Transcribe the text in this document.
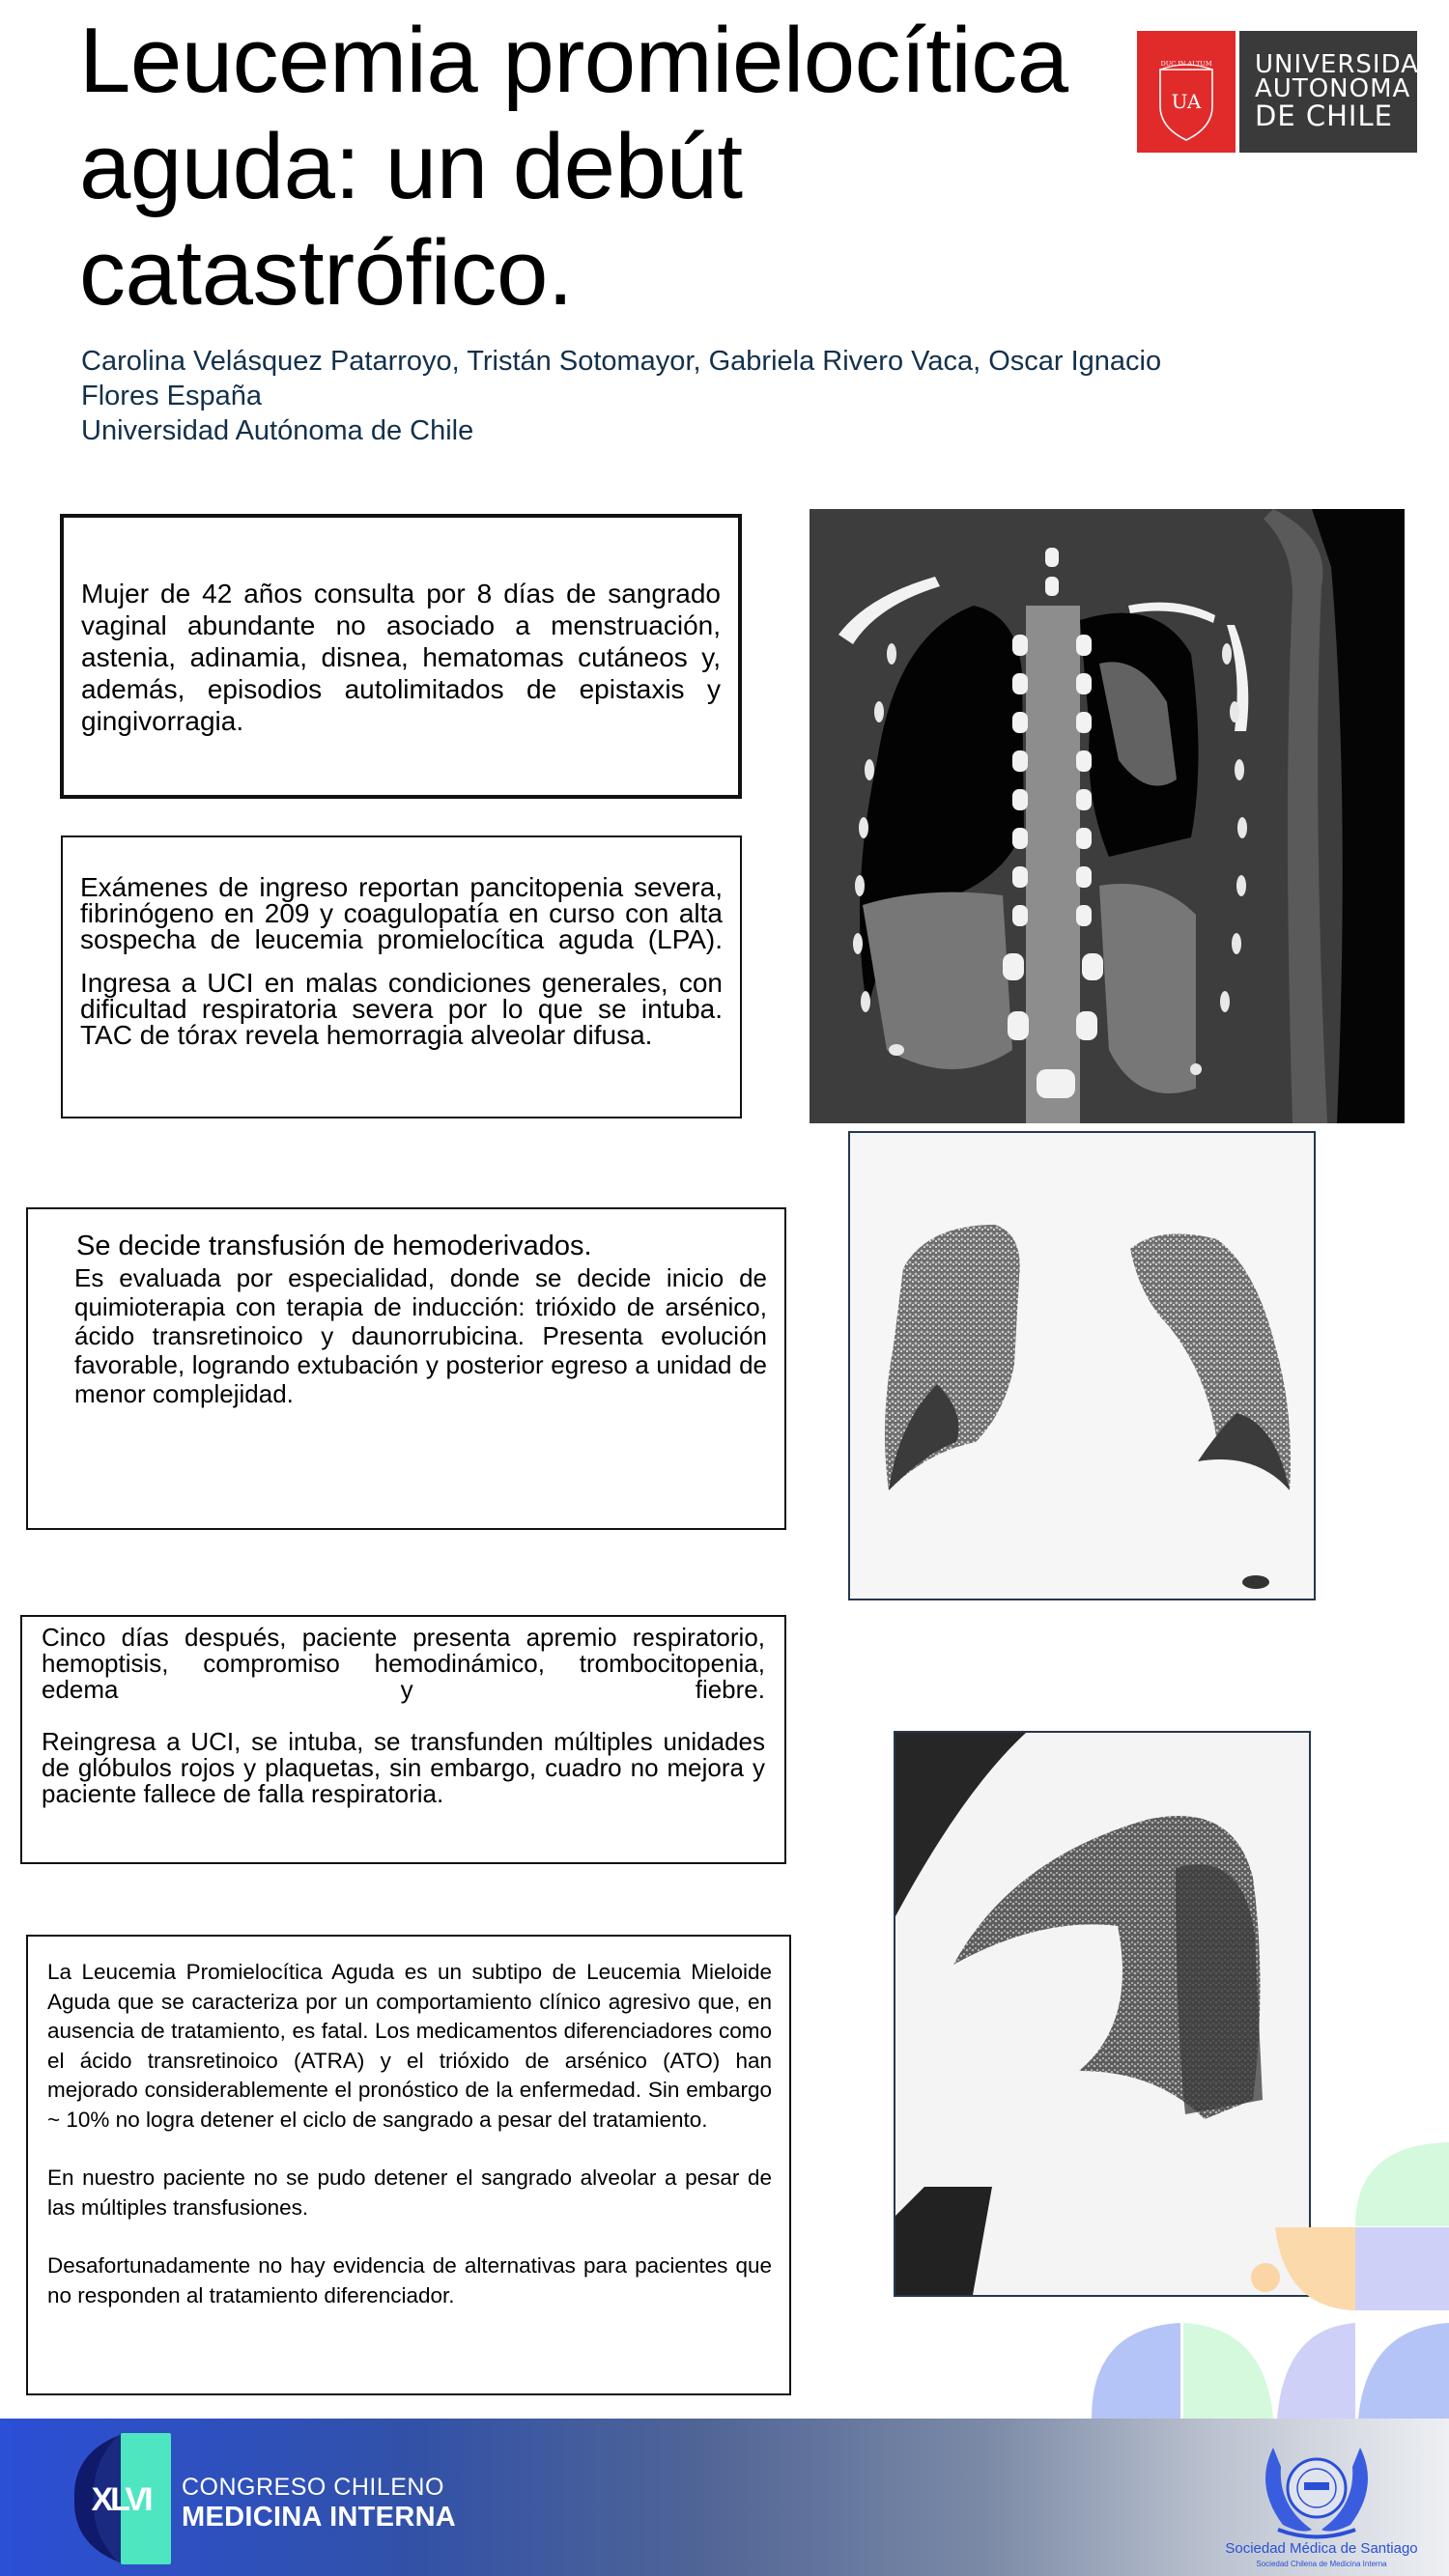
Leucemia promielocítica aguda: un debút catastrófico.
Carolina Velásquez Patarroyo, Tristán Sotomayor, Gabriela Rivero Vaca, Oscar Ignacio Flores España
Universidad Autónoma de Chile
DUC IN ALTUM
UA
UNIVERSIDAD
AUTONOMA
DE CHILE

Mujer de 42 años consulta por 8 días de sangrado vaginal abundante no asociado a menstruación, astenia, adinamia, disnea, hematomas cutáneos y, además, episodios autolimitados de epistaxis y gingivorragia.

Exámenes de ingreso reportan pancitopenia severa, fibrinógeno en 209 y coagulopatía en curso con alta sospecha de leucemia promielocítica aguda (LPA).

Ingresa a UCI en malas condiciones generales, con dificultad respiratoria severa por lo que se intuba. TAC de tórax revela hemorragia alveolar difusa.

Se decide transfusión de hemoderivados.

Es evaluada por especialidad, donde se decide inicio de quimioterapia con terapia de inducción: trióxido de arsénico, ácido transretinoico y daunorrubicina. Presenta evolución favorable, logrando extubación y posterior egreso a unidad de menor complejidad.

Cinco días después, paciente presenta apremio respiratorio, hemoptisis, compromiso hemodinámico, trombocitopenia, edema y fiebre.

Reingresa a UCI, se intuba, se transfunden múltiples unidades de glóbulos rojos y plaquetas, sin embargo, cuadro no mejora y paciente fallece de falla respiratoria.

La Leucemia Promielocítica Aguda es un subtipo de Leucemia Mieloide Aguda que se caracteriza por un comportamiento clínico agresivo que, en ausencia de tratamiento, es fatal. Los medicamentos diferenciadores como el ácido transretinoico (ATRA) y el trióxido de arsénico (ATO) han mejorado considerablemente el pronóstico de la enfermedad. Sin embargo ~ 10% no logra detener el ciclo de sangrado a pesar del tratamiento.

En nuestro paciente no se pudo detener el sangrado alveolar a pesar de las múltiples transfusiones.

Desafortunadamente no hay evidencia de alternativas para pacientes que no responden al tratamiento diferenciador.

XLVI CONGRESO CHILENO
MEDICINA INTERNA
Sociedad Médica de Santiago
Sociedad Chilena de Medicina Interna
